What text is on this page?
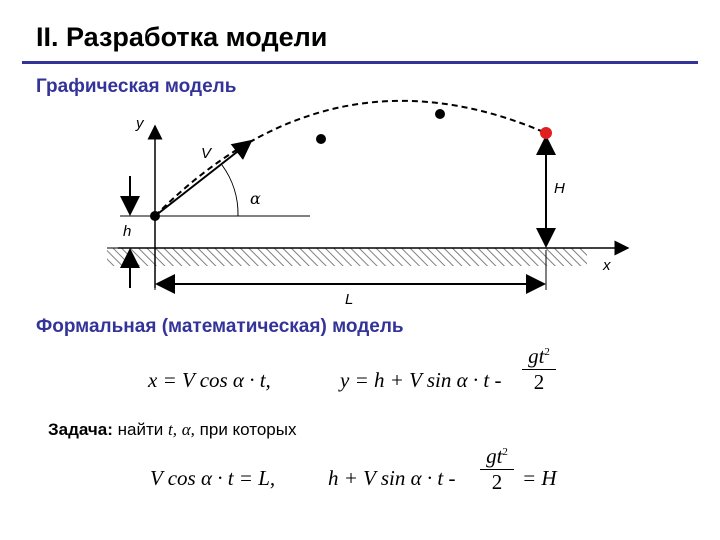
II. Разработка модели
Графическая модель
y
x
V
α
h
H
L
Формальная (математическая) модель
x = V cos α · t,	y = h + V sin α · t -
$gt^2$
2
Задача: найти t, α, при которых
V cos α · t = L,	h + V sin α · t -
$gt^2$
2 = H
